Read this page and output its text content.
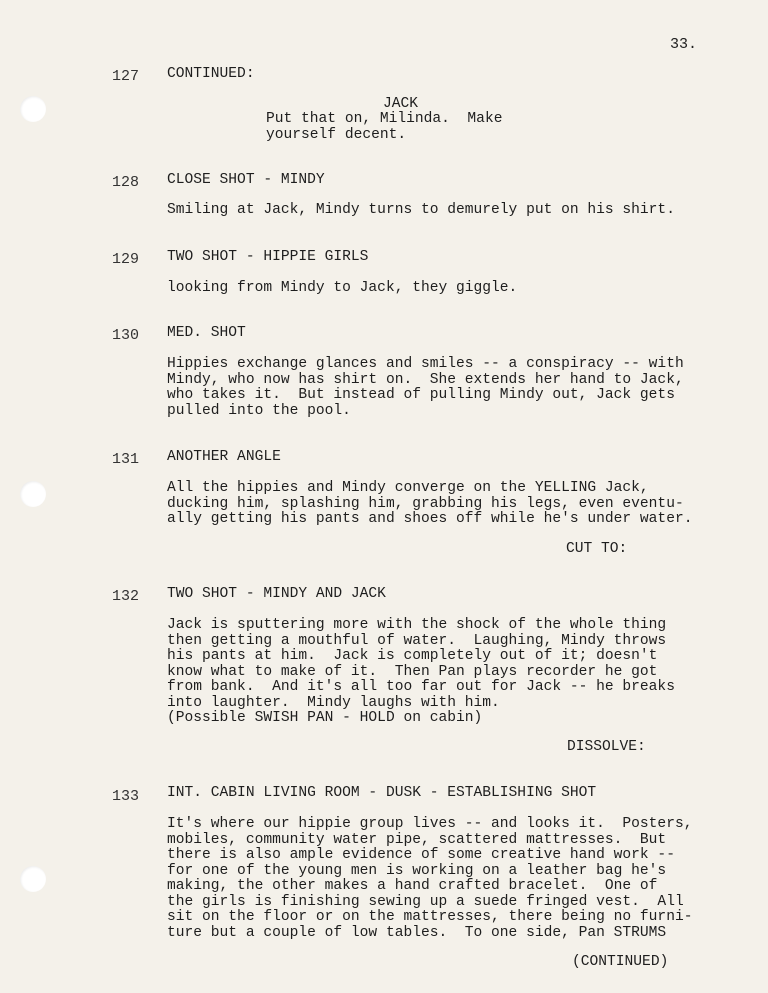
33.
127 CONTINUED:
JACK
Put that on, Milinda.  Make
yourself decent.
128 CLOSE SHOT - MINDY
Smiling at Jack, Mindy turns to demurely put on his shirt.
129 TWO SHOT - HIPPIE GIRLS
looking from Mindy to Jack, they giggle.
130 MED. SHOT
Hippies exchange glances and smiles -- a conspiracy -- with
Mindy, who now has shirt on.  She extends her hand to Jack,
who takes it.  But instead of pulling Mindy out, Jack gets
pulled into the pool.
131 ANOTHER ANGLE
All the hippies and Mindy converge on the YELLING Jack,
ducking him, splashing him, grabbing his legs, even eventu-
ally getting his pants and shoes off while he's under water.
CUT TO:
132 TWO SHOT - MINDY AND JACK
Jack is sputtering more with the shock of the whole thing
then getting a mouthful of water.  Laughing, Mindy throws
his pants at him.  Jack is completely out of it; doesn't
know what to make of it.  Then Pan plays recorder he got
from bank.  And it's all too far out for Jack -- he breaks
into laughter.  Mindy laughs with him.
(Possible SWISH PAN - HOLD on cabin)
DISSOLVE:
133 INT. CABIN LIVING ROOM - DUSK - ESTABLISHING SHOT
It's where our hippie group lives -- and looks it.  Posters,
mobiles, community water pipe, scattered mattresses.  But
there is also ample evidence of some creative hand work --
for one of the young men is working on a leather bag he's
making, the other makes a hand crafted bracelet.  One of
the girls is finishing sewing up a suede fringed vest.  All
sit on the floor or on the mattresses, there being no furni-
ture but a couple of low tables.  To one side, Pan STRUMS
(CONTINUED)
